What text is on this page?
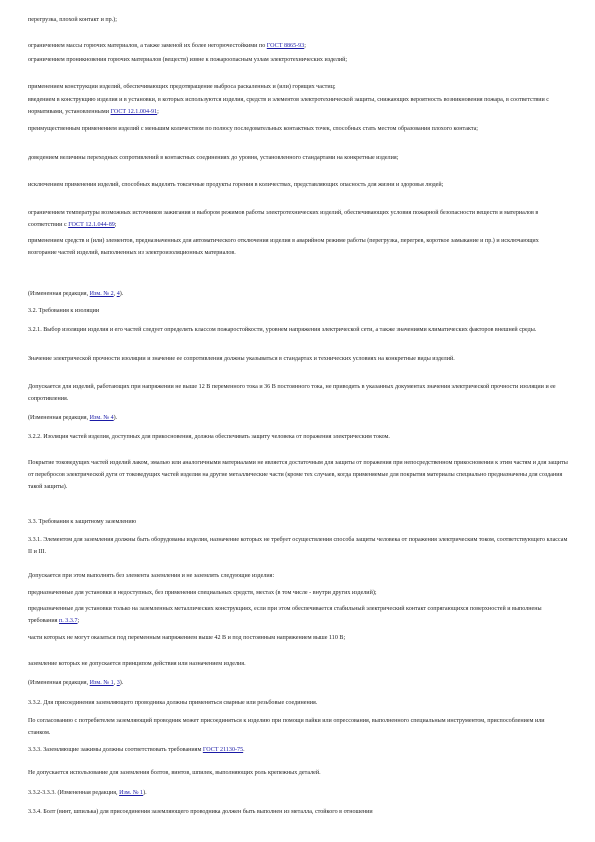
перегрузка, плохой контакт и пр.);

ограничением массы горючих материалов, а также заменой их более негорючестойкими по ГОСТ 8865-93;

ограничением проникновения горючих материалов (веществ) извне к пожароопасным узлам электротехнических изделий;

применением конструкции изделий, обеспечивающих предотвращение выброса раскаленных и (или) горящих частиц;

введением в конструкцию изделия и в установки, в которых используются изделия, средств и элементов электротехнической защиты, снижающих вероятность возникновения пожара, в соответствии с нормативами, установленными ГОСТ 12.1.004-91;

преимущественным применением изделий с меньшим количеством по полюсу последовательных контактных точек, способных стать местом образования плохого контакта;

доведением величины переходных сопротивлений в контактных соединениях до уровня, установленного стандартами на конкретные изделия;

исключением применения изделий, способных выделять токсичные продукты горения в количествах, представляющих опасность для жизни и здоровья людей;

ограничением температуры возможных источников зажигания и выбором режимов работы электротехнических изделий, обеспечивающих условия пожарной безопасности веществ и материалов в соответствии с ГОСТ 12.1.044-89;

применением средств и (или) элементов, предназначенных для автоматического отключения изделия в аварийном режиме работы (перегрузка, перегрев, короткое замыкание и пр.) и исключающих возгорание частей изделий, выполненных из электроизоляционных материалов.

(Измененная редакция, Изм. № 2, 4).

3.2. Требования к изоляции

3.2.1. Выбор изоляции изделия и его частей следует определять классом пожаростойкости, уровнем напряжения электрической сети, а также значениями климатических факторов внешней среды.

Значение электрической прочности изоляции и значение ее сопротивления должны указываться в стандартах и технических условиях на конкретные виды изделий.

Допускается для изделий, работающих при напряжении не выше 12 В переменного тока и 36 В постоянного тока, не приводить в указанных документах значения электрической прочности изоляции и ее сопротивления.

(Измененная редакция, Изм. № 4).

3.2.2. Изоляция частей изделия, доступных для прикосновения, должна обеспечивать защиту человека от поражения электрическим током.

Покрытие токоведущих частей изделий лаком, эмалью или аналогичными материалами не является достаточным для защиты от поражения при непосредственном прикосновении к этим частям и для защиты от перебросов электрической дуги от токоведущих частей изделия на другие металлические части (кроме тех случаев, когда применяемые для покрытия материалы специально предназначены для создания такой защиты).

3.3. Требования к защитному заземлению

3.3.1. Элементом для заземления должны быть оборудованы изделия, назначение которых не требует осуществления способа защиты человека от поражения электрическим током, соответствующего классам II и III.

Допускается при этом выполнять без элемента заземления и не заземлять следующие изделия:

предназначенные для установки в недоступных, без применения специальных средств, местах (в том числе - внутри других изделий);

предназначенные для установки только на заземленных металлических конструкциях, если при этом обеспечивается стабильный электрический контакт сопрягающихся поверхностей и выполнены требования п. 3.3.7;

части которых не могут оказаться под переменным напряжением выше 42 В и под постоянным напряжением выше 110 В;

заземление которых не допускается принципом действия или назначением изделия.

(Измененная редакция, Изм. № 1, 3).

3.3.2. Для присоединения заземляющего проводника должны применяться сварные или резьбовые соединения.

По согласованию с потребителем заземляющий проводник может присоединяться к изделию при помощи пайки или опрессования, выполненного специальным инструментом, приспособлением или станком.

3.3.3. Заземляющие зажимы должны соответствовать требованиям ГОСТ 21130-75.

Не допускается использование для заземления болтов, винтов, шпилек, выполняющих роль крепежных деталей.

3.3.2-3.3.3. (Измененная редакция, Изм. № 1).

3.3.4. Болт (винт, шпилька) для присоединения заземляющего проводника должен быть выполнен из металла, стойкого в отношении
